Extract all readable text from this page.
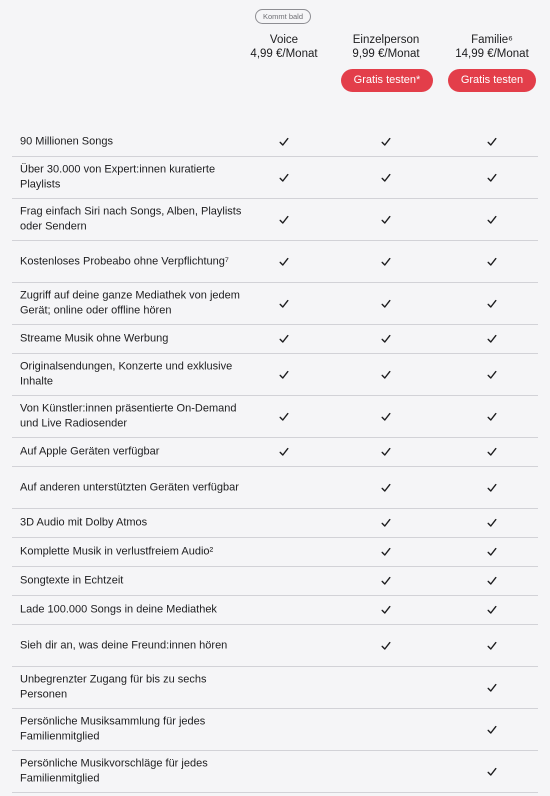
Kommt bald
Voice
4,99 €/Monat
Einzelperson
9,99 €/Monat
Familie⁶
14,99 €/Monat
Gratis testen*	Gratis testen
90 Millionen Songs
Über 30.000 von Expert:innen kuratierte Playlists
Frag einfach Siri nach Songs, Alben, Playlists oder Sendern
Kostenloses Probeabo ohne Verpflichtung⁷
Zugriff auf deine ganze Mediathek von jedem Gerät; online oder offline hören
Streame Musik ohne Werbung
Originalsendungen, Konzerte und exklusive Inhalte
Von Künstler:innen präsentierte On-Demand und Live Radiosender
Auf Apple Geräten verfügbar
Auf anderen unterstützten Geräten verfügbar
3D Audio mit Dolby Atmos
Komplette Musik in verlustfreiem Audio²
Songtexte in Echtzeit
Lade 100.000 Songs in deine Mediathek
Sieh dir an, was deine Freund:innen hören
Unbegrenzter Zugang für bis zu sechs Personen
Persönliche Musiksammlung für jedes Familienmitglied
Persönliche Musikvorschläge für jedes Familienmitglied
